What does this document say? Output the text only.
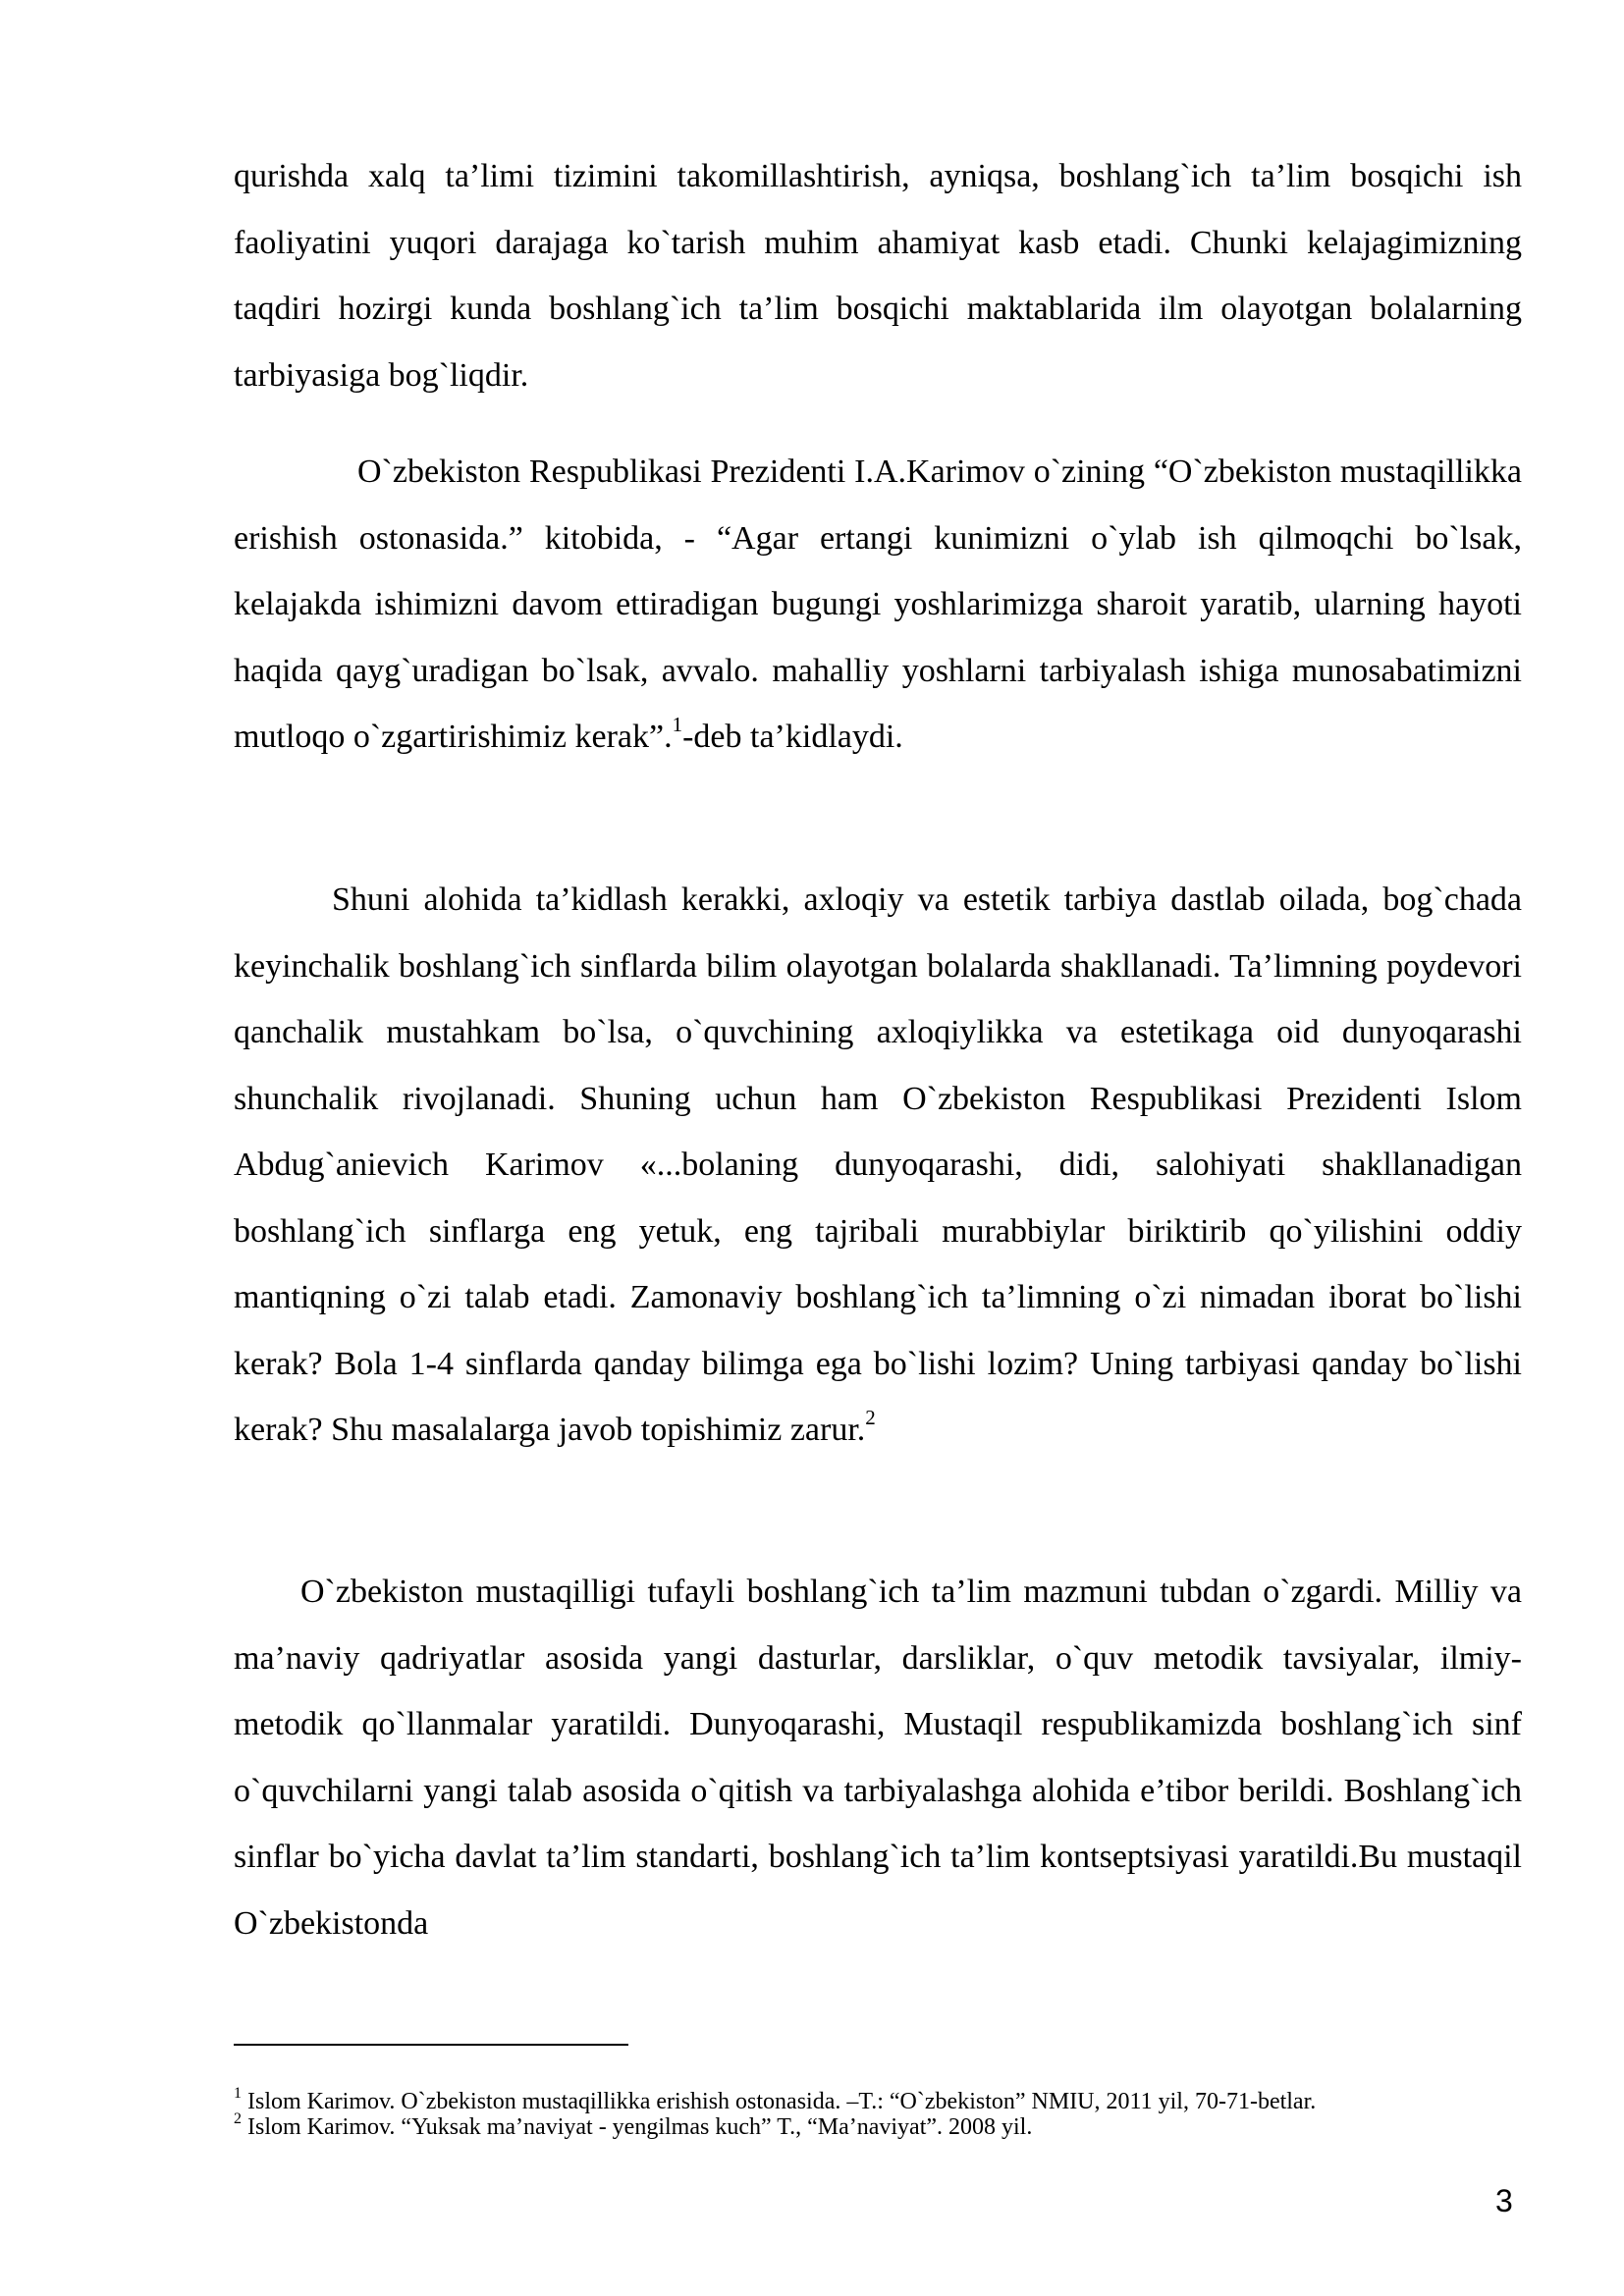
qurishda xalq ta’limi tizimini takomillashtirish, ayniqsa, boshlang`ich ta’lim bosqichi ish faoliyatini yuqori darajaga ko`tarish muhim ahamiyat kasb etadi. Chunki kelajagimizning taqdiri hozirgi kunda boshlang`ich ta’lim bosqichi maktablarida ilm olayotgan bolalarning tarbiyasiga bog`liqdir.

O`zbekiston Respublikasi Prezidenti I.A.Karimov o`zining “O`zbekiston mustaqillikka erishish ostonasida.” kitobida, - “Agar ertangi kunimizni o`ylab ish qilmoqchi bo`lsak, kelajakda ishimizni davom ettiradigan bugungi yoshlarimizga sharoit yaratib, ularning hayoti haqida qayg`uradigan bo`lsak, avvalo. mahalliy yoshlarni tarbiyalash ishiga munosabatimizni mutloqo o`zgartirishimiz kerak”.$^1$-deb ta’kidlaydi.

Shuni alohida ta’kidlash kerakki, axloqiy va estetik tarbiya dastlab oilada, bog`chada keyinchalik boshlang`ich sinflarda bilim olayotgan bolalarda shakllanadi. Ta’limning poydevori qanchalik mustahkam bo`lsa, o`quvchining axloqiylikka va estetikaga oid dunyoqarashi shunchalik rivojlanadi. Shuning uchun ham O`zbekiston Respublikasi Prezidenti Islom Abdug`anievich Karimov «...bolaning dunyoqarashi, didi, salohiyati shakllanadigan boshlang`ich sinflarga eng yetuk, eng tajribali murabbiylar biriktirib qo`yilishini oddiy mantiqning o`zi talab etadi. Zamonaviy boshlang`ich ta’limning o`zi nimadan iborat bo`lishi kerak? Bola 1-4 sinflarda qanday bilimga ega bo`lishi lozim? Uning tarbiyasi qanday bo`lishi kerak? Shu masalalarga javob topishimiz zarur.$^2$

O`zbekiston mustaqilligi tufayli boshlang`ich ta’lim mazmuni tubdan o`zgardi. Milliy va ma’naviy qadriyatlar asosida yangi dasturlar, darsliklar, o`quv metodik tavsiyalar, ilmiy-metodik qo`llanmalar yaratildi. Dunyoqarashi, Mustaqil respublikamizda boshlang`ich sinf o`quvchilarni yangi talab asosida o`qitish va tarbiyalashga alohida e’tibor berildi. Boshlang`ich sinflar bo`yicha davlat ta’lim standarti, boshlang`ich ta’lim kontseptsiyasi yaratildi.Bu mustaqil O`zbekistonda

$^1$ Islom Karimov. O`zbekiston mustaqillikka erishish ostonasida. –T.: “O`zbekiston” NMIU, 2011 yil, 70-71-betlar.

$^2$ Islom Karimov. “Yuksak ma’naviyat - yengilmas kuch” T., “Ma’naviyat”. 2008 yil.

3
